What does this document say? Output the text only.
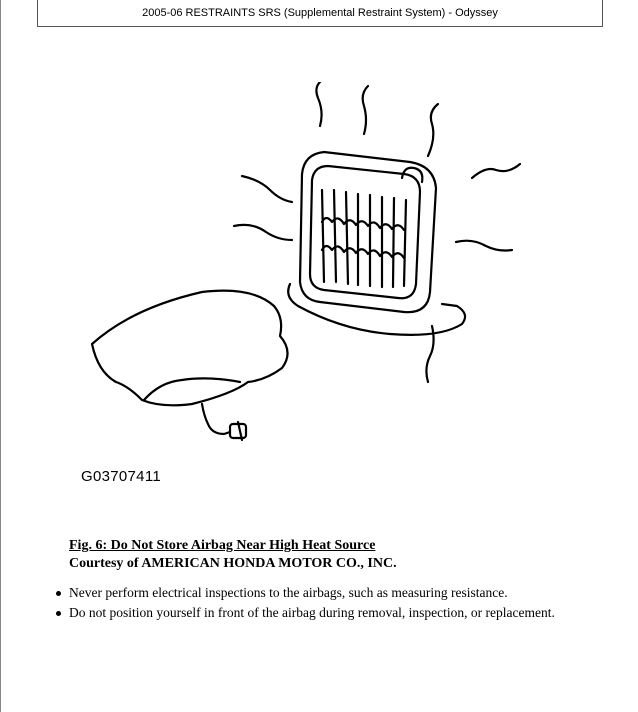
2005-06 RESTRAINTS SRS (Supplemental Restraint System) - Odyssey
G03707411
Fig. 6: Do Not Store Airbag Near High Heat Source
Courtesy of AMERICAN HONDA MOTOR CO., INC.
Never perform electrical inspections to the airbags, such as measuring resistance.
Do not position yourself in front of the airbag during removal, inspection, or replacement.
